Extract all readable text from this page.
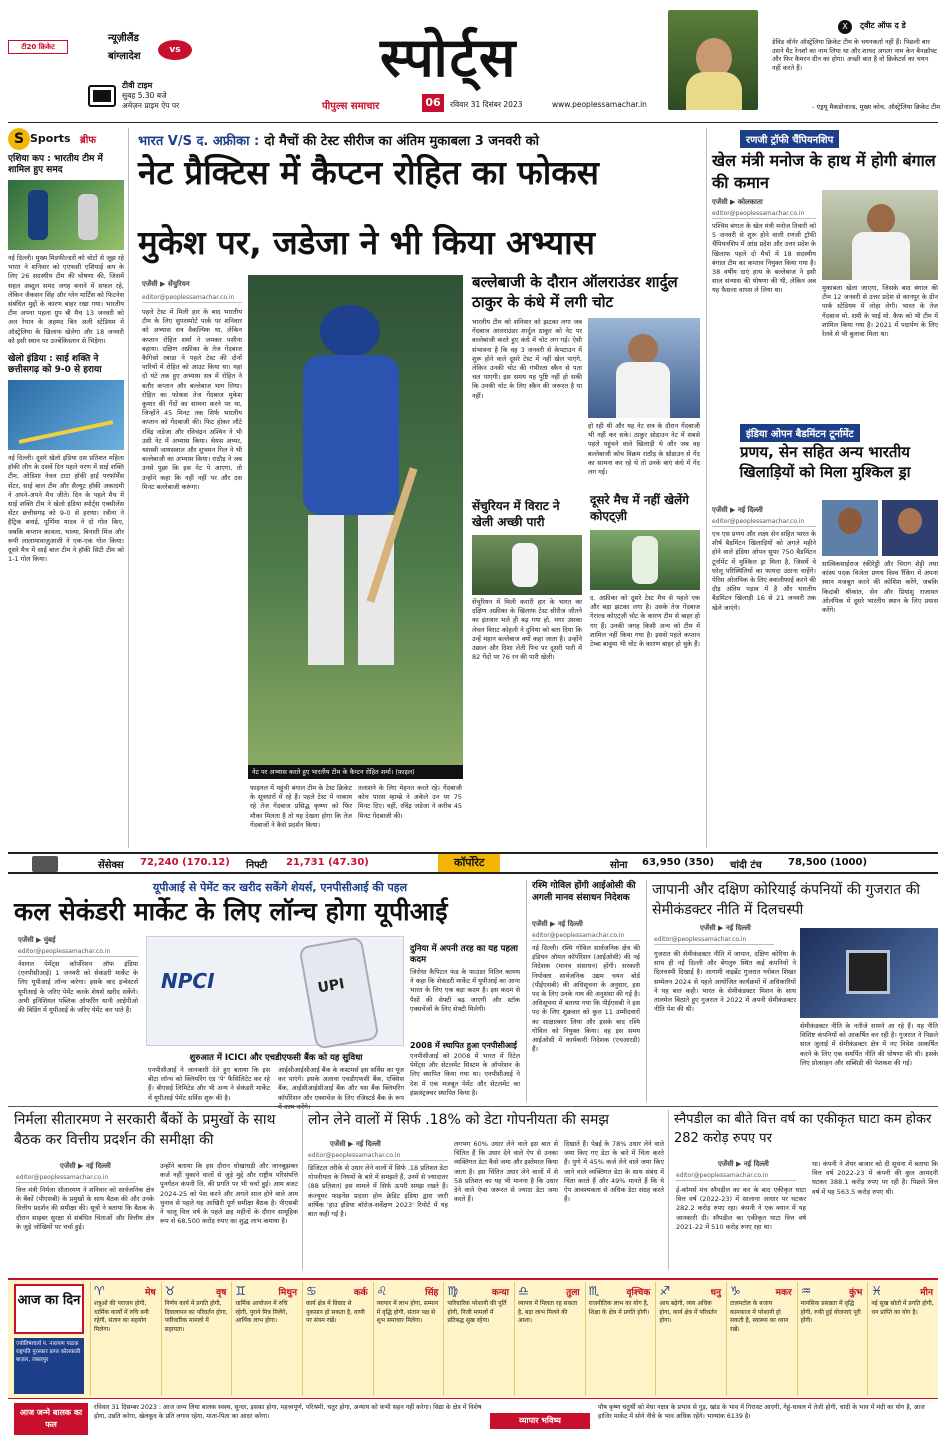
टी20 क्रिकेट
न्यूज़ीलैंड
vs
बांग्लादेश
टीवी टाइम
सुबह 5.30 बजे
अमेज़न प्राइम ऐप पर
स्पोर्ट्स
पीपुल्स समाचार	06	रविवार 31 दिसंबर 2023	www.peoplessamachar.in
X	ट्वीट ऑफ द डे
डेविड वॉर्नर ऑस्ट्रेलिया क्रिकेट टीम के चयनकर्ता नहीं हैं। पिछली बार उसने मैट रेनशॉ का नाम लिया था और शायद अगला नाम केन बैनक्रॉफ्ट और फिर कैमरन ग्रीन का होगा। अच्छी बात है वो क्रिकेटर्स का चयन नहीं करते हैं।
- एंड्रयू मैकडोनाल्ड, मुख्य कोच, ऑस्ट्रेलिया क्रिकेट टीम
S Sports ब्रीफ
एशिया कप : भारतीय टीम में शामिल हुए समद

नई दिल्ली। मुख्य मिडफील्डरों को चोटों से जूझ रहे भारत ने शनिवार को एएफसी एशियाई कप के लिए 26 सदस्यीय टीम की घोषणा की, जिसमें सहल अब्दुल समद जगह बनाने में सफल रहे, लेकिन जैकसन सिंह और ग्लेन मार्टिंस को फिटनेस संबंधित मुद्दों के कारण बाहर रखा गया। भारतीय टीम अपना पहला ग्रुप बी मैच 13 जनवरी को अल रेयान के अहमद बिन अली स्टेडियम में ऑस्ट्रेलिया के खिलाफ खेलेगा और 18 जनवरी को इसी स्थान पर उज्बेकिस्तान से भिड़ेगा।

खेलो इंडिया : साई शक्ति ने छत्तीसगढ़ को 9-0 से हराया

नई दिल्ली। दूसरे खेलो इंडिया दस प्रतिशत महिला हॉकी लीग के दसवें दिन पहले चरण में साई शक्ति टीम, ओडिशा नेवल टाटा हॉकी हाई परफॉर्मेंस सेंटर, साई बाल टीम और सैल्यूट हॉकी अकादमी ने अपने-अपने मैच जीते। दिन के पहले मैच में साई शक्ति टीम ने खेलो इंडिया स्पोर्ट्स एक्सीलेंस सेंटर छत्तीसगढ़ को 9-0 से हराया। रवीना ने हैट्रिक बनाई, पूर्णिमा यादव ने दो गोल किए, जबकि कप्तान कावला, भाव्या, बिनाती मिंज और रूपी लालामावाज़ुआली ने एक-एक गोल किया। दूसरे मैच में साई बाल टीम ने हॉकी सिटी टीम को 1-1 गोल किया।

भारत V/S द. अफ्रीका : दो मैचों की टेस्ट सीरीज का अंतिम मुकाबला 3 जनवरी को
नेट प्रैक्टिस में कैप्टन रोहित का फोकस
मुकेश पर, जडेजा ने भी किया अभ्यास
एजेंसी ▶ सेंचुरियन
editor@peoplessamachar.co.in

पहले टेस्ट में मिली हार के बाद भारतीय टीम के लिए सुपरस्पोर्ट पार्क पर शनिवार को अभ्यास सत्र वैकल्पिक था, लेकिन कप्तान रोहित शर्मा ने जमकर पसीना बहाया। दक्षिण अफ्रीका के तेज गेंदबाज कैगिसो रबाडा ने पहले टेस्ट की दोनों पारियों में रोहित को आउट किया था। यहां दो घंटे तक हुए अभ्यास सत्र में रोहित ने बतौर कप्तान और बल्लेबाज भाग लिया। रोहित का फोकस तेज गेंदबाज मुकेश कुमार की गेंदों का सामना करने पर था, जिन्होंने 45 मिनट तक सिर्फ भारतीय कप्तान को गेंदबाजी की। फिट होकर लौटे रविंद्र जडेजा और रविचंद्रन अश्विन ने भी उसी नेट में अभ्यास किया। श्रेयस अय्यर, यशस्वी जायसवाल और शुभमन गिल ने भी बल्लेबाजी का अभ्यास किया। राठौड़ ने जब उनसे पूछा कि इस नेट पे आएगा, तो उन्होंने कहा कि नहीं नहीं पर और दस मिनट बल्लेबाजी करूंगा।

नेट पर अभ्यास करते हुए भारतीय टीम के कैप्टन रोहित शर्मा। (फ़ाइल)

फाइनल में पहुंची बंगाल टीम के टेस्ट क्रिकेट के सूत्रधारों में रहे हैं। पहले टेस्ट में नाकाम रहे तेज गेंदबाज प्रसिद्ध कृष्णा को फिर मौका मिलता है तो यह देखना होगा कि तेज गेंदबाजों ने कैसे प्रदर्शन किया।

तलाशने के लिए मेहनत करते रहे। गेंदबाजी कोच पारस म्हाम्ब्रे ने अकेले उन पर 75 मिनट दिए। वहीं, रविंद्र जडेजा ने करीब 45 मिनट गेंदबाजी की।

बल्लेबाजी के दौरान ऑलराउंडर शार्दुल ठाकुर के कंधे में लगी चोट

भारतीय टीम को शनिवार को झटका लगा जब गेंदबाज आलराउंडर शार्दुल ठाकुर को नेट पर बल्लेबाजी करते हुए कंधे में चोट लग गई। ऐसी संभावना है कि वह 3 जनवरी से केपटाउन में शुरू होने वाले दूसरे टेस्ट में नहीं खेल पाएंगे, लेकिन उनकी चोट की गंभीरता स्कैन से पता चल पाएगी। इस समय यह पुष्टि नहीं हो सकी कि उनकी चोट के लिए स्कैन की जरूरत है या नहीं।

हो रही थी और यह नेट सत्र के दौरान गेंदबाजी भी नहीं कर सके। ठाकुर थ्रोडाउन नेट में सबसे पहले पहुंचने वाले खिलाड़ी थे और जब वह बल्लेबाजी कोच विक्रम राठौड़ के थ्रोडाउन से गेंद का सामना कर रहे थे तो उनके बाएं कंधे में गेंद लग गई।

सेंचुरियन में विराट ने खेली अच्छी पारी

सेंचुरियन में मिली करारी हार के भारत का दक्षिण अफ्रीका के खिलाफ टेस्ट सीरीज जीतने का इंतजार भले ही बढ़ गया हो, मगर उसका लेवल विराट कोहली ने दुनिया को बता दिया कि उन्हें महान बल्लेबाज क्यों कहा जाता है। उन्होंने उछाल और दिशा लेती पिच पर दूसरी पारी में 82 गेंदों पर 76 रन की पारी खेली।

दूसरे मैच में नहीं खेलेंगे कोएट्ज़ी

द. अफ्रीका को दूसरे टेस्ट मैच से पहले एक और बड़ा झटका लगा है। उसके तेज गेंदबाज गेराल्ड कोएट्ज़ी चोट के कारण टीम से बाहर हो गए हैं। उनकी जगह किसी अन्य को टीम में शामिल नहीं किया गया है। इससे पहले कप्तान टेम्बा बावुमा भी चोट के कारण बाहर हो चुके हैं।

रणजी ट्रॉफी चैंपियनशिप
खेल मंत्री मनोज के हाथ में होगी बंगाल की कमान
एजेंसी ▶ कोलकाता
editor@peoplessamachar.co.in

पश्चिम बंगाल के खेल मंत्री मनोज तिवारी को 5 जनवरी से शुरू होने वाली रणजी ट्रॉफी चैंपियनशिप में आंध्र प्रदेश और उत्तर प्रदेश के खिलाफ पहले दो मैचों में 18 सदस्यीय बंगाल टीम का कप्तान नियुक्त किया गया है। 38 वर्षीय दाएं हाथ के बल्लेबाज ने इसी साल संन्यास की घोषणा की थी, लेकिन अब यह फैसला वापस ले लिया था।	मुकाबला खेला जाएगा, जिसके बाद बंगाल की टीम 12 जनवरी से उत्तर प्रदेश से कानपुर के ग्रीन पार्क स्टेडियम में लोहा लेगी। भारत के तेज गेंदबाज मो. शमी के भाई मो. कैफ को भी टीम में शामिल किया गया है। 2021 में पदार्पण के लिए रेलवे से भी बुलावा मिला था।

इंडिया ओपन बैडमिंटन टूर्नामेंट
प्रणय, सेन सहित अन्य भारतीय खिलाड़ियों को मिला मुश्किल ड्रा
एजेंसी ▶ नई दिल्ली
editor@peoplessamachar.co.in

एच एस प्रणय और लक्ष्य सेन सहित भारत के शीर्ष बैडमिंटन खिलाड़ियों को अगले महीने होने वाले इंडिया ओपन सुपर 750 बैडमिंटन टूर्नामेंट में मुश्किल ड्रा मिला है, जिसमें वे घरेलू परिस्थितियों का फायदा उठाना चाहेंगे। पेरिस ओलंपिक के लिए क्वालीफाई करने की दौड़ अंतिम पड़ाव में है और भारतीय बैडमिंटन खिलाड़ी 16 से 21 जनवरी तक खेले जाएंगे।

सात्विकसाईराज रंकीरेड्डी और चिराग शेट्टी तथा कांस्य पदक विजेता प्रणय विश्व रैंकिंग में अपना स्थान मजबूत करने की कोशिश करेंगे, जबकि किदांबी श्रीकांत, सेन और प्रियांशु राजावत ओलंपिक में दूसरे भारतीय स्थान के लिए प्रयास करेंगे।

सेंसेक्स 72,240 (170.12) निफ्टी 21,731 (47.30)	कॉर्पोरेट	सोना 63,950 (350) चांदी टंच	78,500 (1000)
यूपीआई से पेमेंट कर खरीद सकेंगे शेयर्स, एनपीसीआई की पहल
कल सेकंडरी मार्केट के लिए लॉन्च होगा यूपीआई
एजेंसी ▶ मुंबई
editor@peoplessamachar.co.in

नेशनल पेमेंट्स कॉर्पोरेशन ऑफ इंडिया (एनपीसीआई) 1 जनवरी को सेकंडरी मार्केट के लिए यूपीआई लॉन्च करेगा। इसके बाद इन्वेस्टर्स यूपीआई के जरिए पेमेंट करके शेयर्स खरीद सकेंगे। अभी इनिशियल पब्लिक ऑफरिंग यानी आईपीओ की बिडिंग में यूपीआई के जरिए पेमेंट कर पाते हैं।

NPCI	UPI
शुरुआत में ICICI और एचडीएफसी बैंक को यह सुविधा

एनपीसीआई ने जानकारी देते हुए बताया कि इस बीटा लॉन्च को क्लियरिंग एंड 'पे' फैसिलिटेट कर रहे हैं। बीएसई लिमिटेड और भी अन्य ने सेकंडरी मार्केट में यूपीआई पेमेंट सर्विस शुरू की है।

आईसीआईसीआई बैंक के कस्टमर्स इस सर्विस का यूज कर पाएंगे। इसके अलावा एचडीएफसी बैंक, एक्सिस बैंक, आईसीआईसीआई बैंक और यस बैंक क्लियरिंग कॉर्पोरेशन और एक्सचेंज के लिए रजिस्टर्ड बैंक के रूप

दुनिया में अपनी तरह का यह पहला कदम

जिरोधा कैपिटल फंड के फाउंडर नितिन कामथ ने कहा कि सेकंडरी मार्केट में यूपीआई का आना भारत के लिए एक बड़ा कदम है। इस कदम से पैसों की सेफ्टी बढ़ जाएगी और स्टॉक एक्सचेंजों के लिए सेफ्टी मिलेगी।

2008 में स्थापित हुआ एनपीसीआई

एनपीसीआई को 2008 में भारत में रिटेल पेमेंट्स और सेटलमेंट सिस्टम के ऑपरेशन के लिए स्थापित किया गया था। एनपीसीआई ने देश में एक मजबूत पेमेंट और सेटलमेंट का इंफ्रास्ट्रक्चर स्थापित किया है।

रश्मि गोविल होंगी आईओसी की अगली मानव संसाधन निदेशक
एजेंसी ▶ नई दिल्ली
editor@peoplessamachar.co.in

नई दिल्ली। रश्मि गोविल सार्वजनिक क्षेत्र की इंडियन ऑयल कॉर्पोरेशन (आईओसी) की नई निदेशक (मानव संसाधन) होंगी। सरकारी नियोक्ता सार्वजनिक उद्यम चयन बोर्ड (पीईएसबी) की अधिसूचना के अनुसार, इस पद के लिए उनके नाम की अनुशंसा की गई है। अधिसूचना में बताया गया कि पीईएसबी ने इस पद के लिए शुक्रवार को कुल 11 उम्मीदवारों का साक्षात्कार लिया और इसके बाद रश्मि गोविल को नियुक्त किया। वह इस समय आईओसी में कार्यकारी निदेशक (एचआरडी) हैं।

जापानी और दक्षिण कोरियाई कंपनियों की गुजरात की सेमीकंडक्टर नीति में दिलचस्पी
एजेंसी ▶ नई दिल्ली
editor@peoplessamachar.co.in

गुजरात की सेमीकंडक्टर नीति में जापान, दक्षिण कोरिया के साथ ही नई दिल्ली और बेंगलुरु स्थित कई कंपनियों ने दिलचस्पी दिखाई है। आगामी वाइब्रेंट गुजरात ग्लोबल शिखर सम्मेलन 2024 से पहले आयोजित कार्यक्रमों में अधिकारियों ने यह बात कही। भारत के सेमीकंडक्टर मिशन के साथ तालमेल बिठाते हुए गुजरात ने 2022 में अपनी सेमीकंडक्टर नीति पेश की थी।

सेमीकंडक्टर नीति के नतीजे सामने आ रहे हैं। यह नीति विशिष्ट कंपनियों को आकर्षित कर रही है। गुजरात ने पिछले साल जुलाई में सेमीकंडक्टर क्षेत्र में नए निवेश आकर्षित करने के लिए एक समर्पित नीति की घोषणा की थी। इसके लिए प्रोत्साहन और सब्सिडी की पेशकश की गई।

निर्मला सीतारमण ने सरकारी बैंकों के प्रमुखों के साथ बैठक कर वित्तीय प्रदर्शन की समीक्षा की
एजेंसी ▶ नई दिल्ली
editor@peoplessamachar.co.in

वित्त मंत्री निर्मला सीतारमण ने शनिवार को सार्वजनिक क्षेत्र के बैंकों (पीएसबी) के प्रमुखों के साथ बैठक की और उनके वित्तीय प्रदर्शन की समीक्षा की। सूत्रों ने बताया कि बैठक के दौरान साइबर सुरक्षा से संबंधित चिंताओं और वित्तीय क्षेत्र के जुड़े जोखिमों पर चर्चा हुई।

उन्होंने बताया कि इस दौरान धोखाधड़ी और जानबूझकर कर्ज नहीं चुकाने वालों से जुड़े मुद्दे और राष्ट्रीय परिसंपत्ति पुनर्गठन कंपनी लि. की प्रगति पर भी चर्चा हुई। आम बजट 2024-25 को पेश करने और अगले साल होने वाले आम चुनाव से पहले यह आखिरी पूर्ण समीक्षा बैठक है। पीएसबी ने चालू वित्त वर्ष के पहले छह महीनों के दौरान सामूहिक रूप से 68,500 करोड़ रुपए का शुद्ध लाभ कमाया है।

लोन लेने वालों में सिर्फ .18% को डेटा गोपनीयता की समझ
एजेंसी ▶ नई दिल्ली
editor@peoplessamachar.co.in

डिजिटल तरीके से उधार लेने वालों में सिर्फ .18 प्रतिशत डेटा गोपनीयता के नियमों के बारे में समझते हैं, उनमें से ज्यादातर (88 प्रतिशत) इस मामले में सिर्फ ऊपरी समझ रखते हैं। कंज्यूमर फाइनेंस प्रदाता होम क्रेडिट इंडिया द्वारा जारी वार्षिक 'हाउ इंडिया बॉरोज-सर्वेक्षण 2023' रिपोर्ट में यह बात कही गई है।

लगभग 60% उधार लेने वाले इस बात से चिंतित हैं कि उधार देने वाले ऐप से उनका व्यक्तिगत डेटा कैसे जमा और इस्तेमाल किया जाता है। इस चिंतित उधार लेने वालों में से 58 प्रतिशत का यह भी मानना है कि उधार देने वाले ऐप्स जरूरत से ज्यादा डेटा जमा करते हैं।

दिखाते हैं। पेन्नई के 78% उधार लेने वाले जमा किए गए डेटा के बारे में चिंता करते हैं। पुणे में 45% कर्ज लेने वाले जमा किए जाने वाले व्यक्तिगत डेटा के साथ संबंध में चिंता करते हैं और 49% मानते हैं कि ये ऐप आवश्यकता से अधिक डेटा संग्रह करते हैं।

स्नैपडील का बीते वित्त वर्ष का एकीकृत घाटा कम होकर 282 करोड़ रुपए पर
एजेंसी ▶ नई दिल्ली
editor@peoplessamachar.co.in

ई-कॉमर्स मंच स्नैपडील का कर के बाद एकीकृत घाटा वित्त वर्ष (2022-23) में सालाना आधार पर घटकर 282.2 करोड़ रुपए रहा। कंपनी ने एक बयान में यह जानकारी दी। स्नैपडील का एकीकृत घाटा वित्त वर्ष 2021-22 में 510 करोड़ रुपए रहा था।

था। कंपनी ने शेयर बाजार को दी सूचना में बताया कि वित्त वर्ष 2022-23 में कंपनी की कुल आमदनी घटकर 388.1 करोड़ रुपए पर रही है। पिछले वित्त वर्ष में यह 563.5 करोड़ रुपए थी।

आज का दिन
ज्योतिषाचार्य प. नारायण पाठक राष्ट्रपति पुरस्कार प्राप्त कोलकाती बाज़ार, जबलपुर
♈	मेष
शत्रुओं की पराजय होगी, धार्मिक कार्यों में रुचि बनी रहेगी, संतान का सहयोग मिलेगा।
♉	वृष
निर्णय कार्य में प्रगति होगी, दिवालापन का परिवर्तन होगा, पारिवारिक मामलों में सहायता।
♊	मिथुन
धार्मिक आयोजन में रुचि रहेगी, पुराने मित्र मिलेंगे, आर्थिक लाभ होगा।
♋	कर्क
कार्य क्षेत्र में विवाद से नुकसान हो सकता है, वाणी पर संयम रखें।
♌	सिंह
व्यापार में लाभ होगा, सम्मान में वृद्धि होगी, संतान पक्ष से शुभ समाचार मिलेगा।
♍	कन्या
पारिवारिक परेशानी की पूर्ति होगी, निजी मामलों में प्रतिबद्ध सुख रहेगा।
♎	तुला
व्यापार में मिलता रह सकता है, बड़ा लाभ मिलने की आशा।
♏	वृश्चिक
राजनीतिक लाभ का योग है, शिक्षा के क्षेत्र में प्रगति होगी।
♐	धनु
आय बढ़ेगी, व्यय अधिक होगा, कार्य क्षेत्र में परिवर्तन होगा।
♑	मकर
टालमटोल के बजाय कामकाज में परेशानी हो सकती है, स्वास्थ्य का ध्यान रखें।
♒	कुंभ
मानसिक प्रसन्नता में वृद्धि होगी, रुकी हुई योजनाएं पूरी होंगी।
♓	मीन
नई सुख स्रोतों में प्रगति होगी, धन प्राप्ति का योग है।
आज जन्मे बालक का फल
रविवार 31 दिसम्बर 2023 : आज जन्म लिया बालक स्वस्थ, सुन्दर, इसका होगा, महत्त्वपूर्ण, परिश्रमी, चतुर होगा, अन्याय को कभी सहन नहीं करेगा। विद्या के क्षेत्र में विशेष होगा, उन्नति करेगा, खेलकूद के प्रति लगाव रहेगा, माता-पिता का आदर करेगा।	व्यापार भविष्य
पौष कृष्ण चतुर्थी को मेघा नक्षत्र के प्रभाव से गुड़, खांड के भाव में गिरावट आएगी, गेहूं-चावल में तेजी होगी, चांदी के भाव में मंदी का योग है, आज हाजिर मार्केट में सोने नीचे के भाव अधिक रहेंगे। भाग्यांक 6139 है।
